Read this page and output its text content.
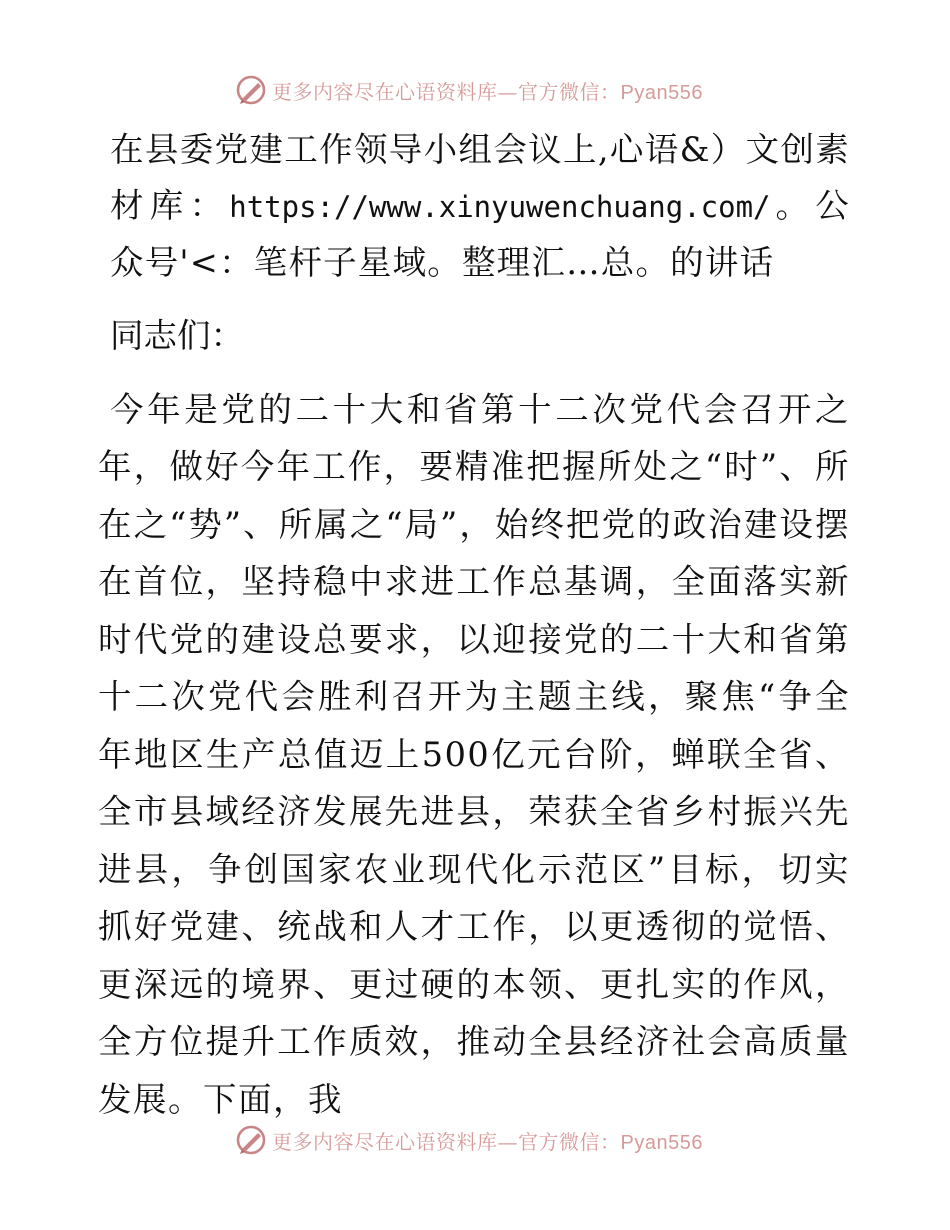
更多内容尽在心语资料库—官方微信：Pyan556
在县委党建工作领导小组会议上,心语&）文创素材库：https://www.xinyuwenchuang.com/。公众号'<：笔杆子星域。整理汇…总。的讲话

同志们：

今年是党的二十大和省第十二次党代会召开之年，做好今年工作，要精准把握所处之“时”、所在之“势”、所属之“局”，始终把党的政治建设摆在首位，坚持稳中求进工作总基调，全面落实新时代党的建设总要求，以迎接党的二十大和省第十二次党代会胜利召开为主题主线，聚焦“争全年地区生产总值迈上500亿元台阶，蝉联全省、全市县域经济发展先进县，荣获全省乡村振兴先进县，争创国家农业现代化示范区”目标，切实抓好党建、统战和人才工作，以更透彻的觉悟、更深远的境界、更过硬的本领、更扎实的作风，全方位提升工作质效，推动全县经济社会高质量发展。下面，我

更多内容尽在心语资料库—官方微信：Pyan556
